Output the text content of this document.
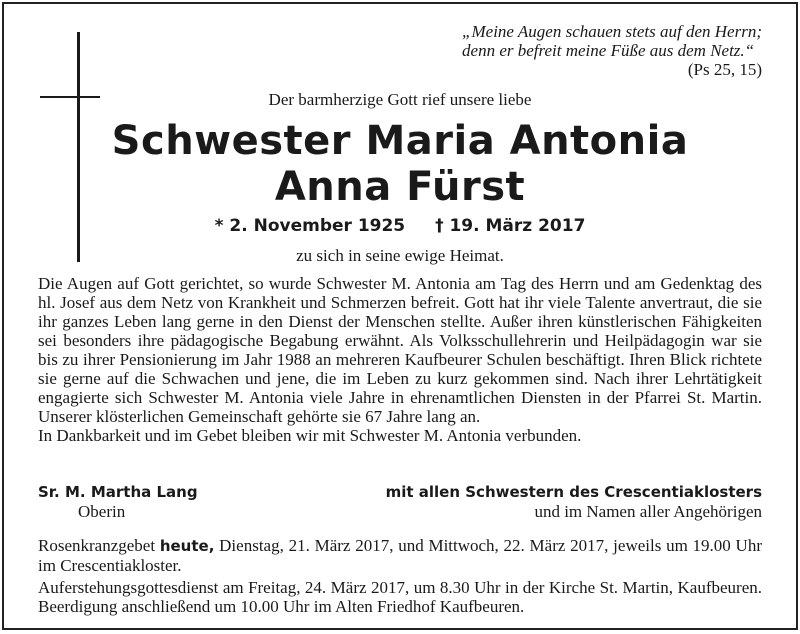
„Meine Augen schauen stets auf den Herrn;
denn er befreit meine Füße aus dem Netz.“
(Ps 25, 15)
Der barmherzige Gott rief unsere liebe
Schwester Maria Antonia
Anna Fürst
* 2. November 1925 † 19. März 2017
zu sich in seine ewige Heimat.

Die Augen auf Gott gerichtet, so wurde Schwester M. Antonia am Tag des Herrn und am Gedenktag des hl. Josef aus dem Netz von Krankheit und Schmerzen befreit. Gott hat ihr viele Talente anvertraut, die sie ihr ganzes Leben lang gerne in den Dienst der Menschen stellte. Außer ihren künstlerischen Fähigkeiten sei besonders ihre pädagogische Begabung erwähnt. Als Volksschullehrerin und Heilpädagogin war sie bis zu ihrer Pensionierung im Jahr 1988 an mehreren Kaufbeurer Schulen beschäftigt. Ihren Blick richtete sie gerne auf die Schwachen und jene, die im Leben zu kurz gekommen sind. Nach ihrer Lehrtätigkeit engagierte sich Schwester M. Antonia viele Jahre in ehrenamtlichen Diensten in der Pfarrei St. Martin. Unserer klösterlichen Gemeinschaft gehörte sie 67 Jahre lang an.

In Dankbarkeit und im Gebet bleiben wir mit Schwester M. Antonia verbunden.

Sr. M. Martha Lang
Oberin
mit allen Schwestern des Crescentiaklosters
und im Namen aller Angehörigen
Rosenkranzgebet heute, Dienstag, 21. März 2017, und Mittwoch, 22. März 2017, jeweils um 19.00 Uhr im Crescentiakloster.
Auferstehungsgottesdienst am Freitag, 24. März 2017, um 8.30 Uhr in der Kirche St. Martin, Kaufbeuren. Beerdigung anschließend um 10.00 Uhr im Alten Friedhof Kaufbeuren.
